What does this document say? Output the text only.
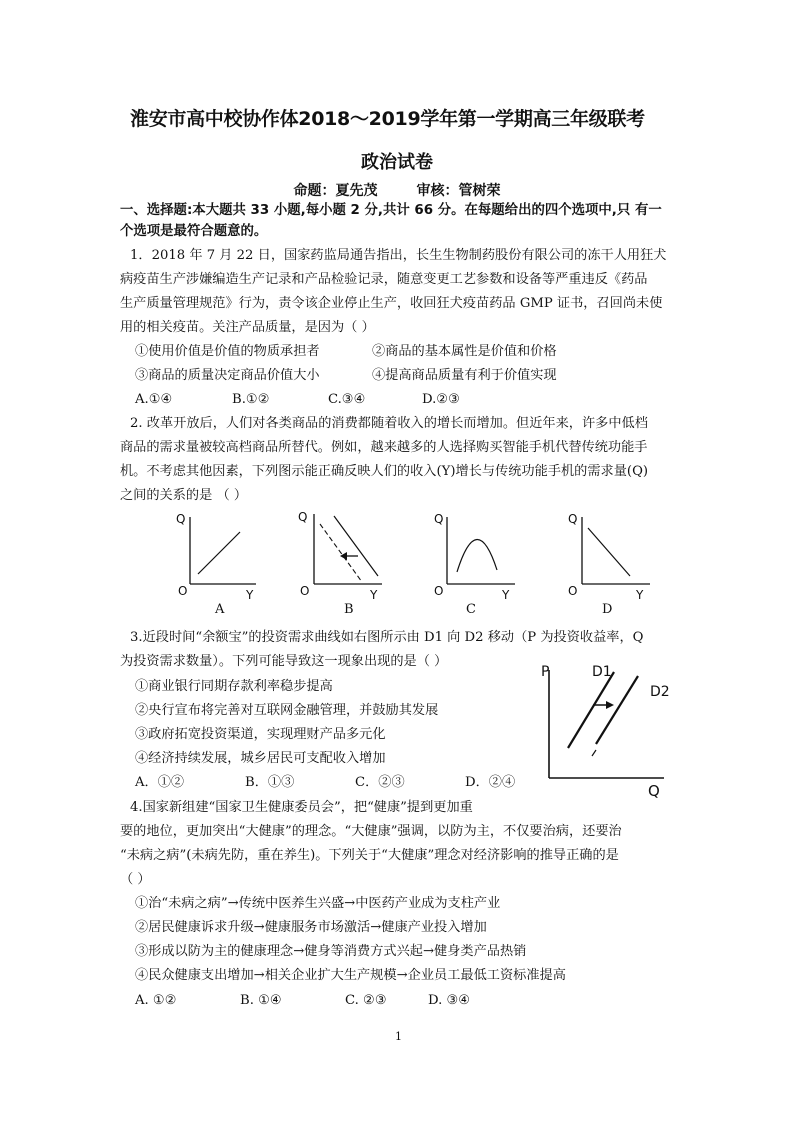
淮安市高中校协作体2018～2019学年第一学期高三年级联考
政治试卷
命题：夏先茂        审核：管树荣
一、选择题:本大题共 33 小题,每小题 2 分,共计 66 分。在每题给出的四个选项中,只 有一
个选项是最符合题意的。
1．2018 年 7 月 22 日，国家药监局通告指出，长生生物制药股份有限公司的冻干人用狂犬
病疫苗生产涉嫌编造生产记录和产品检验记录，随意变更工艺参数和设备等严重违反《药品
生产质量管理规范》行为，责令该企业停止生产，收回狂犬疫苗药品 GMP 证书，召回尚未使
用的相关疫苗。关注产品质量，是因为（ ）
①使用价值是价值的物质承担者	②商品的基本属性是价值和价格
③商品的质量决定商品价值大小	④提高商品质量有利于价值实现
A.①④	B.①②	C.③④	D.②③
2. 改革开放后，人们对各类商品的消费都随着收入的增长而增加。但近年来，许多中低档
商品的需求量被较高档商品所替代。例如，越来越多的人选择购买智能手机代替传统功能手
机。不考虑其他因素，下列图示能正确反映人们的收入(Y)增长与传统功能手机的需求量(Q)
之间的关系的是 （ ）
Q
O	Y
A
Q
O	Y
B
Q
O	Y
C
Q
O	Y
D
3.近段时间“余额宝”的投资需求曲线如右图所示由 D1 向 D2 移动（P 为投资收益率，Q
为投资需求数量）。下列可能导致这一现象出现的是（ ）
①商业银行同期存款利率稳步提高
②央行宣布将完善对互联网金融管理，并鼓励其发展
③政府拓宽投资渠道，实现理财产品多元化
④经济持续发展，城乡居民可支配收入增加
A．①②	B．①③	C．②③	D．②④
P
Q
D1
D2
4.国家新组建“国家卫生健康委员会”，把“健康”提到更加重
要的地位，更加突出“大健康”的理念。“大健康”强调，以防为主，不仅要治病，还要治
“未病之病”(未病先防，重在养生)。下列关于“大健康”理念对经济影响的推导正确的是
（ ）
①治“未病之病”→传统中医养生兴盛→中医药产业成为支柱产业
②居民健康诉求升级→健康服务市场激活→健康产业投入增加
③形成以防为主的健康理念→健身等消费方式兴起→健身类产品热销
④民众健康支出增加→相关企业扩大生产规模→企业员工最低工资标准提高
A. ①②	B. ①④	C. ②③	D. ③④
1
